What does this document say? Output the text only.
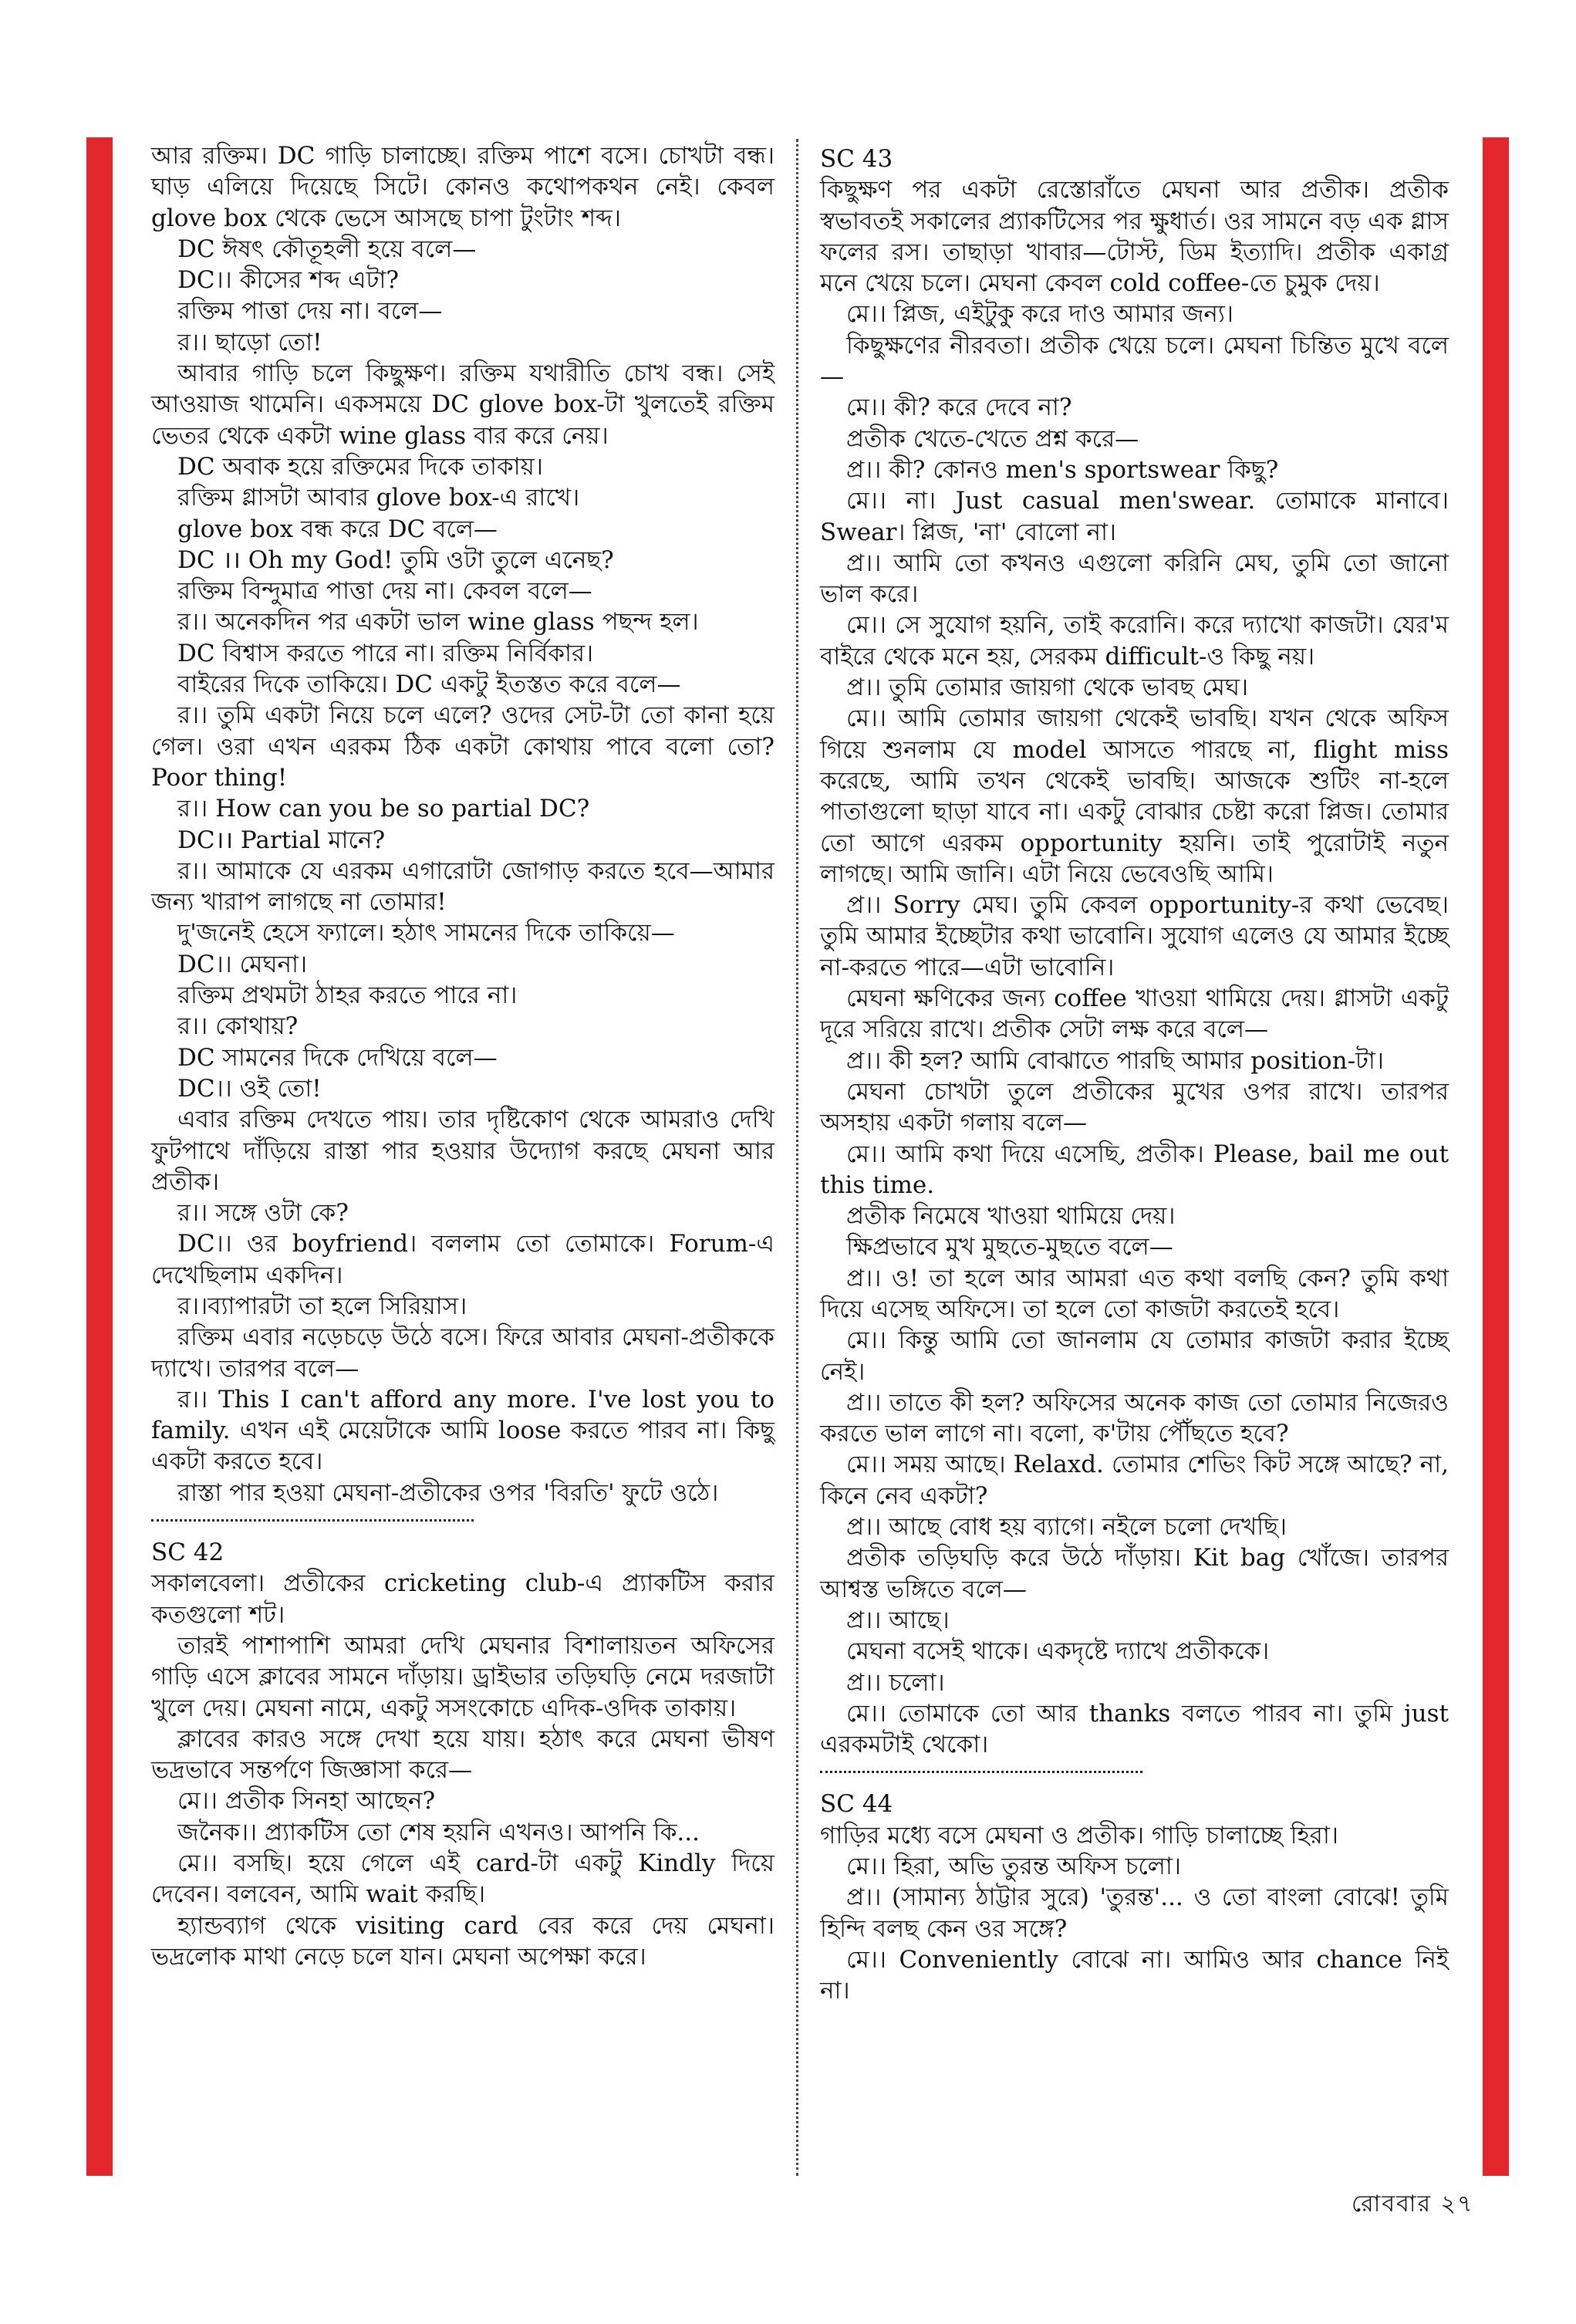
আর রক্তিম। DC গাড়ি চালাচ্ছে। রক্তিম পাশে বসে। চোখটা বন্ধ। ঘাড় এলিয়ে দিয়েছে সিটে। কোনও কথোপকথন নেই। কেবল glove box থেকে ভেসে আসছে চাপা টুংটাং শব্দ।

DC ঈষৎ কৌতূহলী হয়ে বলে—

DC।। কীসের শব্দ এটা?

রক্তিম পাত্তা দেয় না। বলে—

র।। ছাড়ো তো!

আবার গাড়ি চলে কিছুক্ষণ। রক্তিম যথারীতি চোখ বন্ধ। সেই আওয়াজ থামেনি। একসময়ে DC glove box-টা খুলতেই রক্তিম ভেতর থেকে একটা wine glass বার করে নেয়।

DC অবাক হয়ে রক্তিমের দিকে তাকায়।

রক্তিম গ্লাসটা আবার glove box-এ রাখে।

glove box বন্ধ করে DC বলে—

DC ।। Oh my God! তুমি ওটা তুলে এনেছ?

রক্তিম বিন্দুমাত্র পাত্তা দেয় না। কেবল বলে—

র।। অনেকদিন পর একটা ভাল wine glass পছন্দ হল।

DC বিশ্বাস করতে পারে না। রক্তিম নির্বিকার।

বাইরের দিকে তাকিয়ে। DC একটু ইতস্তত করে বলে—

র।। তুমি একটা নিয়ে চলে এলে? ওদের সেট-টা তো কানা হয়ে গেল। ওরা এখন এরকম ঠিক একটা কোথায় পাবে বলো তো? Poor thing!

র।। How can you be so partial DC?

DC।। Partial মানে?

র।। আমাকে যে এরকম এগারোটা জোগাড় করতে হবে—আমার জন্য খারাপ লাগছে না তোমার!

দু'জনেই হেসে ফ্যালে। হঠাৎ সামনের দিকে তাকিয়ে—

DC।। মেঘনা।

রক্তিম প্রথমটা ঠাহর করতে পারে না।

র।। কোথায়?

DC সামনের দিকে দেখিয়ে বলে—

DC।। ওই তো!

এবার রক্তিম দেখতে পায়। তার দৃষ্টিকোণ থেকে আমরাও দেখি ফুটপাথে দাঁড়িয়ে রাস্তা পার হওয়ার উদ্যোগ করছে মেঘনা আর প্রতীক।

র।। সঙ্গে ওটা কে?

DC।। ওর boyfriend। বললাম তো তোমাকে। Forum-এ দেখেছিলাম একদিন।

র।।ব্যাপারটা তা হলে সিরিয়াস।

রক্তিম এবার নড়েচড়ে উঠে বসে। ফিরে আবার মেঘনা-প্রতীককে দ্যাখে। তারপর বলে—

র।। This I can't afford any more. I've lost you to family. এখন এই মেয়েটাকে আমি loose করতে পারব না। কিছু একটা করতে হবে।

রাস্তা পার হওয়া মেঘনা-প্রতীকের ওপর 'বিরতি' ফুটে ওঠে।

SC 42

সকালবেলা। প্রতীকের cricketing club-এ প্র্যাকটিস করার কতগুলো শট।

তারই পাশাপাশি আমরা দেখি মেঘনার বিশালায়তন অফিসের গাড়ি এসে ক্লাবের সামনে দাঁড়ায়। ড্রাইভার তড়িঘড়ি নেমে দরজাটা খুলে দেয়। মেঘনা নামে, একটু সসংকোচে এদিক-ওদিক তাকায়।

ক্লাবের কারও সঙ্গে দেখা হয়ে যায়। হঠাৎ করে মেঘনা ভীষণ ভদ্রভাবে সন্তর্পণে জিজ্ঞাসা করে—

মে।। প্রতীক সিনহা আছেন?

জনৈক।। প্র্যাকটিস তো শেষ হয়নি এখনও। আপনি কি...

মে।। বসছি। হয়ে গেলে এই card-টা একটু Kindly দিয়ে দেবেন। বলবেন, আমি wait করছি।

হ্যান্ডব্যাগ থেকে visiting card বের করে দেয় মেঘনা। ভদ্রলোক মাথা নেড়ে চলে যান। মেঘনা অপেক্ষা করে।

SC 43

কিছুক্ষণ পর একটা রেস্তোরাঁতে মেঘনা আর প্রতীক। প্রতীক স্বভাবতই সকালের প্র্যাকটিসের পর ক্ষুধার্ত। ওর সামনে বড় এক গ্লাস ফলের রস। তাছাড়া খাবার—টোস্ট, ডিম ইত্যাদি। প্রতীক একাগ্র মনে খেয়ে চলে। মেঘনা কেবল cold coffee-তে চুমুক দেয়।

মে।। প্লিজ, এইটুকু করে দাও আমার জন্য।

কিছুক্ষণের নীরবতা। প্রতীক খেয়ে চলে। মেঘনা চিন্তিত মুখে বলে—

মে।। কী? করে দেবে না?

প্রতীক খেতে-খেতে প্রশ্ন করে—

প্র।। কী? কোনও men's sportswear কিছু?

মে।। না। Just casual men'swear. তোমাকে মানাবে। Swear। প্লিজ, 'না' বোলো না।

প্র।। আমি তো কখনও এগুলো করিনি মেঘ, তুমি তো জানো ভাল করে।

মে।। সে সুযোগ হয়নি, তাই করোনি। করে দ্যাখো কাজটা। যের'ম বাইরে থেকে মনে হয়, সেরকম difficult-ও কিছু নয়।

প্র।। তুমি তোমার জায়গা থেকে ভাবছ মেঘ।

মে।। আমি তোমার জায়গা থেকেই ভাবছি। যখন থেকে অফিস গিয়ে শুনলাম যে model আসতে পারছে না, flight miss করেছে, আমি তখন থেকেই ভাবছি। আজকে শুটিং না-হলে পাতাগুলো ছাড়া যাবে না। একটু বোঝার চেষ্টা করো প্লিজ। তোমার তো আগে এরকম opportunity হয়নি। তাই পুরোটাই নতুন লাগছে। আমি জানি। এটা নিয়ে ভেবেওছি আমি।

প্র।। Sorry মেঘ। তুমি কেবল opportunity-র কথা ভেবেছ। তুমি আমার ইচ্ছেটার কথা ভাবোনি। সুযোগ এলেও যে আমার ইচ্ছে না-করতে পারে—এটা ভাবোনি।

মেঘনা ক্ষণিকের জন্য coffee খাওয়া থামিয়ে দেয়। গ্লাসটা একটু দূরে সরিয়ে রাখে। প্রতীক সেটা লক্ষ করে বলে—

প্র।। কী হল? আমি বোঝাতে পারছি আমার position-টা।

মেঘনা চোখটা তুলে প্রতীকের মুখের ওপর রাখে। তারপর অসহায় একটা গলায় বলে—

মে।। আমি কথা দিয়ে এসেছি, প্রতীক। Please, bail me out this time.

প্রতীক নিমেষে খাওয়া থামিয়ে দেয়।

ক্ষিপ্রভাবে মুখ মুছতে-মুছতে বলে—

প্র।। ও! তা হলে আর আমরা এত কথা বলছি কেন? তুমি কথা দিয়ে এসেছ অফিসে। তা হলে তো কাজটা করতেই হবে।

মে।। কিন্তু আমি তো জানলাম যে তোমার কাজটা করার ইচ্ছে নেই।

প্র।। তাতে কী হল? অফিসের অনেক কাজ তো তোমার নিজেরও করতে ভাল লাগে না। বলো, ক'টায় পৌঁছতে হবে?

মে।। সময় আছে। Relaxd. তোমার শেভিং কিট সঙ্গে আছে? না, কিনে নেব একটা?

প্র।। আছে বোধ হয় ব্যাগে। নইলে চলো দেখছি।

প্রতীক তড়িঘড়ি করে উঠে দাঁড়ায়। Kit bag খোঁজে। তারপর আশ্বস্ত ভঙ্গিতে বলে—

প্র।। আছে।

মেঘনা বসেই থাকে। একদৃষ্টে দ্যাখে প্রতীককে।

প্র।। চলো।

মে।। তোমাকে তো আর thanks বলতে পারব না। তুমি just এরকমটাই থেকো।

SC 44

গাড়ির মধ্যে বসে মেঘনা ও প্রতীক। গাড়ি চালাচ্ছে হিরা।

মে।। হিরা, অভি তুরন্ত অফিস চলো।

প্র।। (সামান্য ঠাট্টার সুরে) 'তুরন্ত'... ও তো বাংলা বোঝে! তুমি হিন্দি বলছ কেন ওর সঙ্গে?

মে।। Conveniently বোঝে না। আমিও আর chance নিই না।

রোববার ২৭
